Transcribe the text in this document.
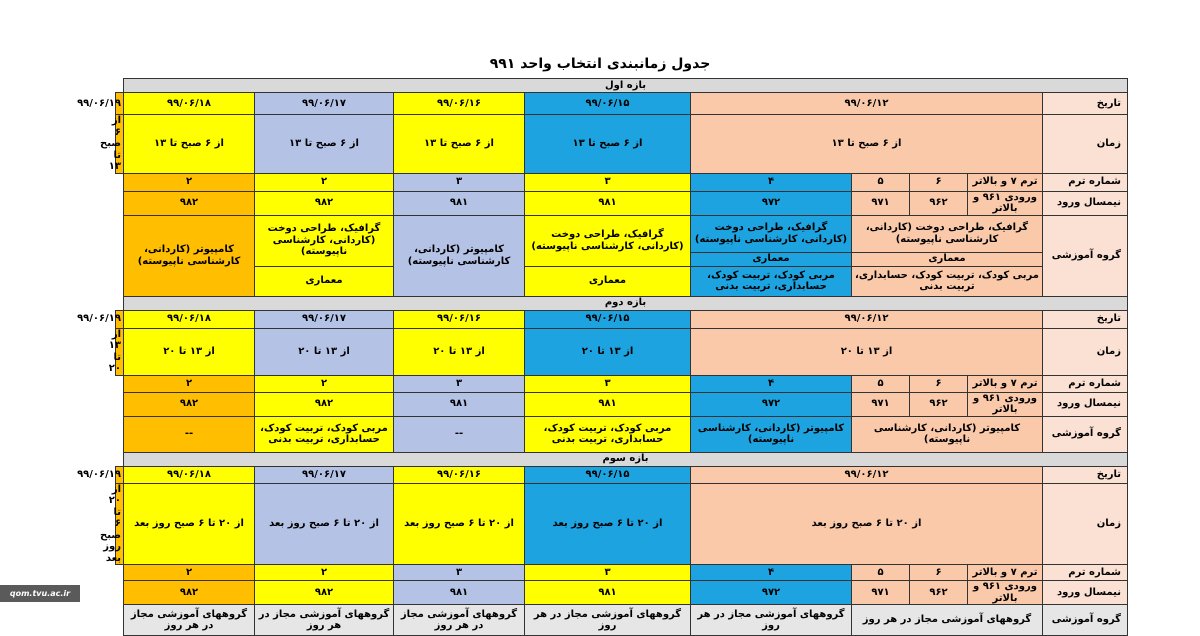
جدول زمانبندی انتخاب واحد ۹۹۱
بازه اول									
تاریخ	۹۹/۰۶/۱۲				۹۹/۰۶/۱۵	۹۹/۰۶/۱۶	۹۹/۰۶/۱۷	۹۹/۰۶/۱۸	۹۹/۰۶/۱۹
زمان	از ۶ صبح تا ۱۳				از ۶ صبح تا ۱۳	از ۶ صبح تا ۱۳	از ۶ صبح تا ۱۳	از ۶ صبح تا ۱۳	از ۶ صبح تا ۱۳
شماره ترم	ترم ۷ و بالاتر	۶	۵	۴	۳	۳	۲	۲	
نیمسال ورود	ورودی ۹۶۱ و بالاتر	۹۶۲	۹۷۱	۹۷۲	۹۸۱	۹۸۱	۹۸۲	۹۸۲	
گروه آموزشی	گرافیک، طراحی دوخت (کاردانی، کارشناسی ناپیوسته)			گرافیک، طراحی دوخت (کاردانی، کارشناسی ناپیوسته)	گرافیک، طراحی دوخت (کاردانی، کارشناسی ناپیوسته)	کامپیوتر (کاردانی، کارشناسی ناپیوسته)	گرافیک، طراحی دوخت (کاردانی، کارشناسی ناپیوسته)	کامپیوتر (کاردانی، کارشناسی ناپیوسته)	
	معماری			معماری					
	مربی کودک، تربیت کودک، حسابداری، تربیت بدنی			مربی کودک، تربیت کودک، حسابداری، تربیت بدنی	معماری		معماری		
بازه دوم									
تاریخ	۹۹/۰۶/۱۲				۹۹/۰۶/۱۵	۹۹/۰۶/۱۶	۹۹/۰۶/۱۷	۹۹/۰۶/۱۸	۹۹/۰۶/۱۹
زمان	از ۱۳ تا ۲۰				از ۱۳ تا ۲۰	از ۱۳ تا ۲۰	از ۱۳ تا ۲۰	از ۱۳ تا ۲۰	از ۱۳ تا ۲۰
شماره ترم	ترم ۷ و بالاتر	۶	۵	۴	۳	۳	۲	۲	
نیمسال ورود	ورودی ۹۶۱ و بالاتر	۹۶۲	۹۷۱	۹۷۲	۹۸۱	۹۸۱	۹۸۲	۹۸۲	
گروه آموزشی	کامپیوتر (کاردانی، کارشناسی ناپیوسته)			کامپیوتر (کاردانی، کارشناسی ناپیوسته)	مربی کودک، تربیت کودک، حسابداری، تربیت بدنی	--	مربی کودک، تربیت کودک، حسابداری، تربیت بدنی	--	
بازه سوم									
تاریخ	۹۹/۰۶/۱۲				۹۹/۰۶/۱۵	۹۹/۰۶/۱۶	۹۹/۰۶/۱۷	۹۹/۰۶/۱۸	۹۹/۰۶/۱۹
زمان	از ۲۰ تا ۶ صبح روز بعد				از ۲۰ تا ۶ صبح روز بعد	از ۲۰ تا ۶ صبح روز بعد	از ۲۰ تا ۶ صبح روز بعد	از ۲۰ تا ۶ صبح روز بعد	از ۲۰ تا ۶ صبح روز بعد
شماره ترم	ترم ۷ و بالاتر	۶	۵	۴	۳	۳	۲	۲	
نیمسال ورود	ورودی ۹۶۱ و بالاتر	۹۶۲	۹۷۱	۹۷۲	۹۸۱	۹۸۱	۹۸۲	۹۸۲	
گروه آموزشی	گروههای آموزشی مجاز در هر روز			گروههای آموزشی مجاز در هر روز	گروههای آموزشی مجاز در هر روز	گروههای آموزشی مجاز در هر روز	گروههای آموزشی مجاز در هر روز	گروههای آموزشی مجاز در هر روز	
qom.tvu.ac.ir
